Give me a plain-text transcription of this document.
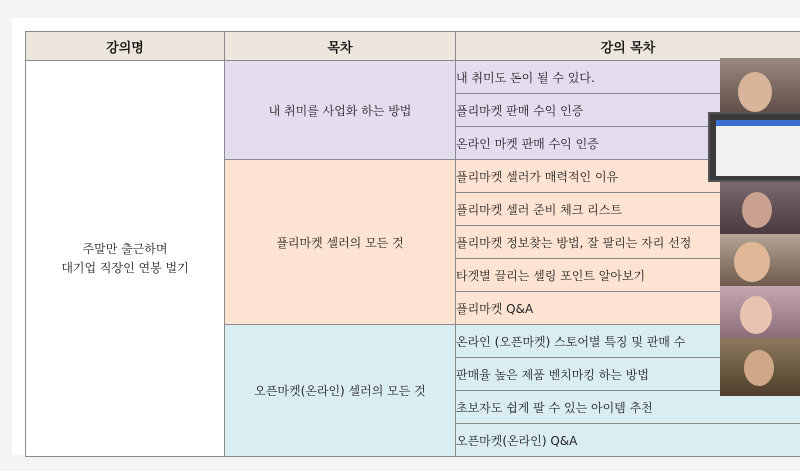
강의명	목차	강의 목차

주말만 출근하며
대기업 직장인 연봉 벌기	내 취미를 사업화 하는 방법	내 취미도 돈이 될 수 있다.
		플리마켓 판매 수익 인증
		온라인 마켓 판매 수익 인증
	플리마켓 셀러의 모든 것	플리마켓 셀러가 매력적인 이유
		플리마켓 셀러 준비 체크 리스트
		플리마켓 정보찾는 방법, 잘 팔리는 자리 선정
		타겟별 끌리는 셀링 포인트 알아보기
		플리마켓 Q&A
	오픈마켓(온라인) 셀러의 모든 것	온라인 (오픈마켓) 스토어별 특징 및 판매 수
		판매율 높은 제품 벤치마킹 하는 방법
		초보자도 쉽게 팔 수 있는 아이템 추천
		오픈마켓(온라인) Q&A
